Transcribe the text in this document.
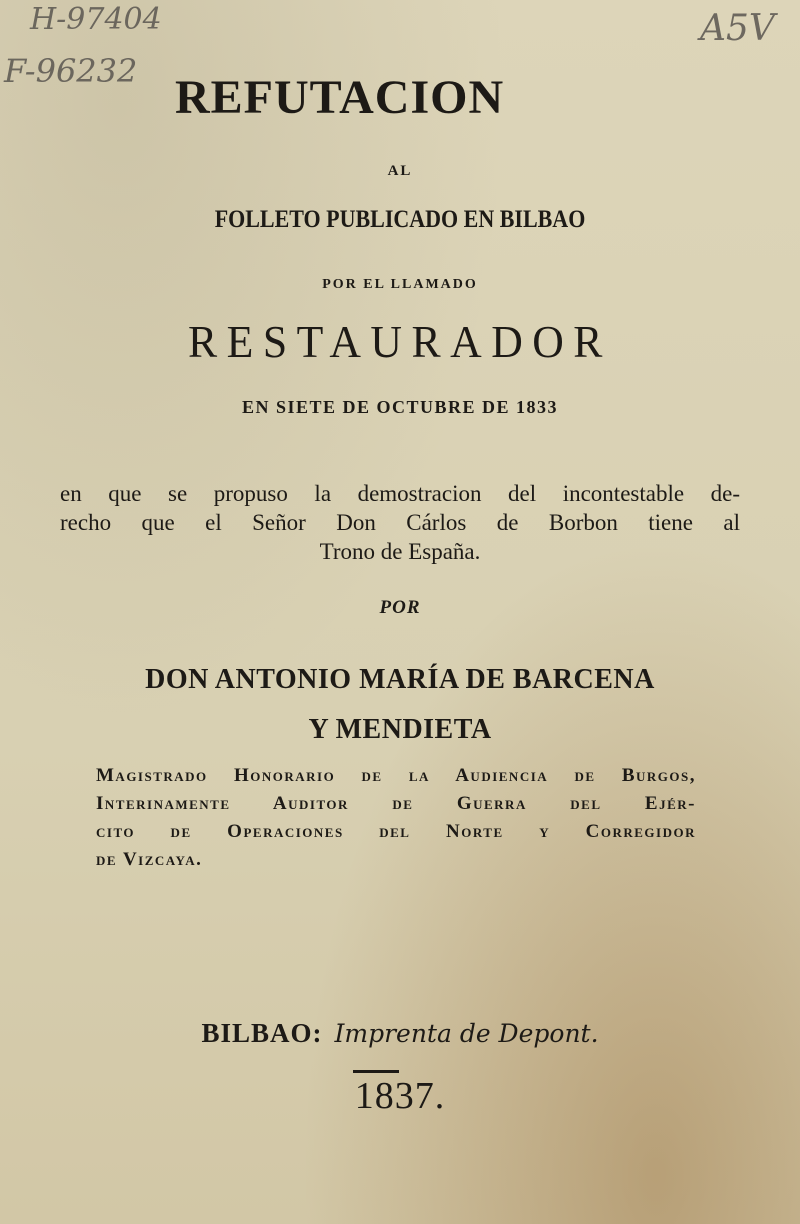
H-97404
F-96232
A5V
REFUTACION
AL
FOLLETO PUBLICADO EN BILBAO
POR EL LLAMADO
RESTAURADOR
EN SIETE DE OCTUBRE DE 1833
en que se propuso la demostracion del incontestable de-
recho que el Señor Don Cárlos de Borbon tiene al
Trono de España.
POR
DON ANTONIO MARÍA DE BARCENA
Y MENDIETA
Magistrado Honorario de la Audiencia de Burgos,
Interinamente Auditor de Guerra del Ejér-
cito de Operaciones del Norte y Corregidor
de Vizcaya.
BILBAO: Imprenta de Depont.
1837.
